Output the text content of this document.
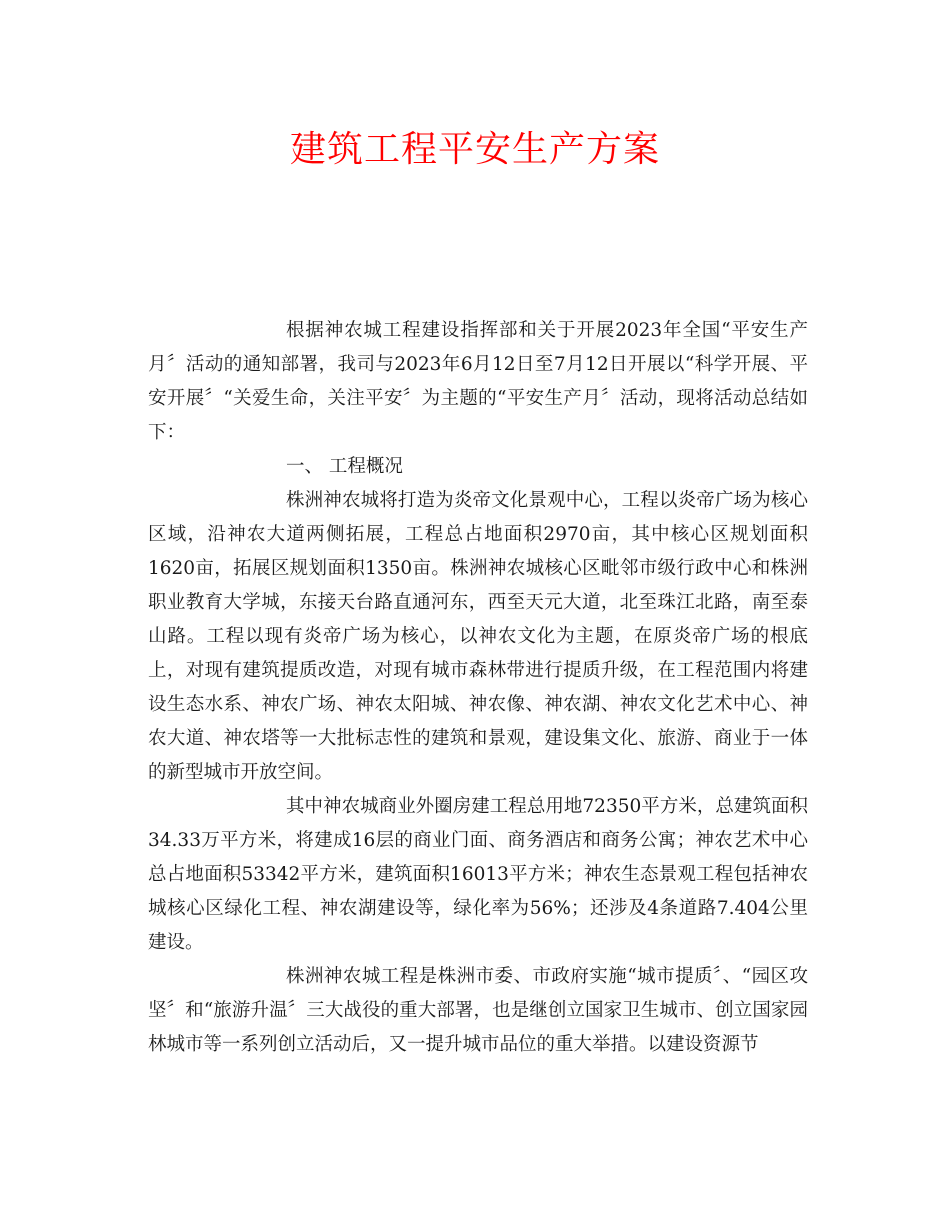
建筑工程平安生产方案

根据神农城工程建设指挥部和关于开展2023年全国“平安生产月〞活动的通知部署，我司与2023年6月12日至7月12日开展以“科学开展、平安开展〞“关爱生命，关注平安〞为主题的“平安生产月〞活动，现将活动总结如下：

一、 工程概况

株洲神农城将打造为炎帝文化景观中心，工程以炎帝广场为核心区域，沿神农大道两侧拓展，工程总占地面积2970亩，其中核心区规划面积1620亩，拓展区规划面积1350亩。株洲神农城核心区毗邻市级行政中心和株洲职业教育大学城，东接天台路直通河东，西至天元大道，北至珠江北路，南至泰山路。工程以现有炎帝广场为核心，以神农文化为主题，在原炎帝广场的根底上，对现有建筑提质改造，对现有城市森林带进行提质升级，在工程范围内将建设生态水系、神农广场、神农太阳城、神农像、神农湖、神农文化艺术中心、神农大道、神农塔等一大批标志性的建筑和景观，建设集文化、旅游、商业于一体的新型城市开放空间。

其中神农城商业外圈房建工程总用地72350平方米，总建筑面积34.33万平方米，将建成16层的商业门面、商务酒店和商务公寓；神农艺术中心总占地面积53342平方米，建筑面积16013平方米；神农生态景观工程包括神农城核心区绿化工程、神农湖建设等，绿化率为56%；还涉及4条道路7.404公里建设。

株洲神农城工程是株洲市委、市政府实施“城市提质〞、“园区攻坚〞和“旅游升温〞三大战役的重大部署，也是继创立国家卫生城市、创立国家园林城市等一系列创立活动后，又一提升城市品位的重大举措。以建设资源节
